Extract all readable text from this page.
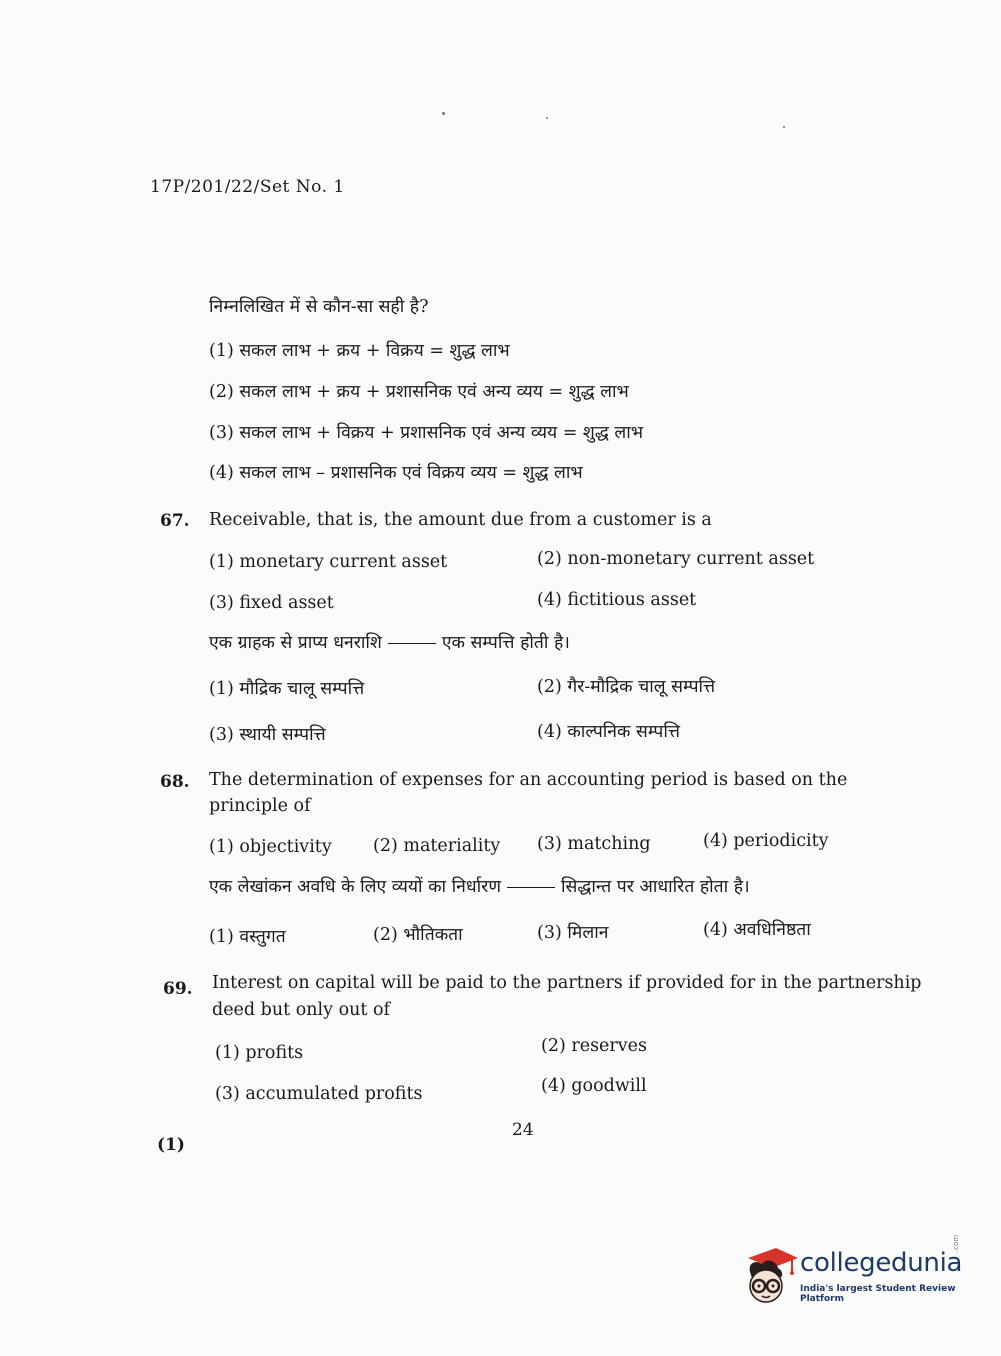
17P/201/22/Set No. 1
निम्नलिखित में से कौन-सा सही है?
(1) सकल लाभ + क्रय + विक्रय = शुद्ध लाभ
(2) सकल लाभ + क्रय + प्रशासनिक एवं अन्य व्यय = शुद्ध लाभ
(3) सकल लाभ + विक्रय + प्रशासनिक एवं अन्य व्यय = शुद्ध लाभ
(4) सकल लाभ – प्रशासनिक एवं विक्रय व्यय = शुद्ध लाभ
67. Receivable, that is, the amount due from a customer is a
(1) monetary current asset	(2) non-monetary current asset
(3) fixed asset	(4) fictitious asset
एक ग्राहक से प्राप्य धनराशि	एक सम्पत्ति होती है।
(1) मौद्रिक चालू सम्पत्ति	(2) गैर-मौद्रिक चालू सम्पत्ति
(3) स्थायी सम्पत्ति	(4) काल्पनिक सम्पत्ति
68. The determination of expenses for an accounting period is based on the
principle of
(1) objectivity (2) materiality (3) matching	(4) periodicity
एक लेखांकन अवधि के लिए व्ययों का निर्धारण	सिद्धान्त पर आधारित होता है।
(1) वस्तुगत	(2) भौतिकता	(3) मिलान	(4) अवधिनिष्ठता
69. Interest on capital will be paid to the partners if provided for in the partnership
deed but only out of
(1) profits	(2) reserves
(3) accumulated profits	(4) goodwill
24
(1)
collegedunia
.com
India's largest Student Review Platform
